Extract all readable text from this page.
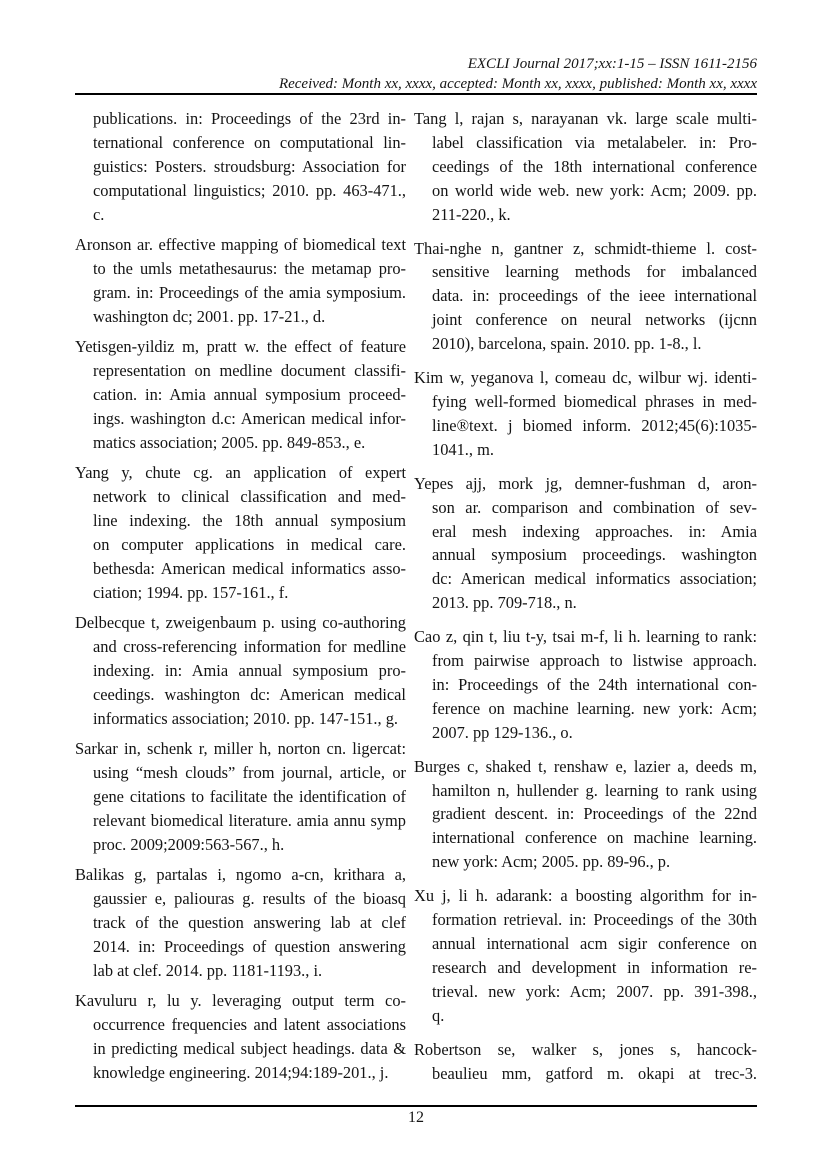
EXCLI Journal 2017;xx:1-15 – ISSN 1611-2156
Received: Month xx, xxxx, accepted: Month xx, xxxx, published: Month xx, xxxx

publications. in: Proceedings of the 23rd in-
ternational conference on computational lin-
guistics: Posters. stroudsburg: Association for
computational linguistics; 2010. pp. 463-471.,
c.

Aronson ar. effective mapping of biomedical text
to the umls metathesaurus: the metamap pro-
gram. in: Proceedings of the amia symposium.
washington dc; 2001. pp. 17-21., d.

Yetisgen-yildiz m, pratt w. the effect of feature
representation on medline document classifi-
cation. in: Amia annual symposium proceed-
ings. washington d.c: American medical infor-
matics association; 2005. pp. 849-853., e.

Yang y, chute cg. an application of expert
network to clinical classification and med-
line indexing. the 18th annual symposium
on computer applications in medical care.
bethesda: American medical informatics asso-
ciation; 1994. pp. 157-161., f.

Delbecque t, zweigenbaum p. using co-authoring
and cross-referencing information for medline
indexing. in: Amia annual symposium pro-
ceedings. washington dc: American medical
informatics association; 2010. pp. 147-151., g.

Sarkar in, schenk r, miller h, norton cn. ligercat:
using “mesh clouds” from journal, article, or
gene citations to facilitate the identification of
relevant biomedical literature. amia annu symp
proc. 2009;2009:563-567., h.

Balikas g, partalas i, ngomo a-cn, krithara a,
gaussier e, paliouras g. results of the bioasq
track of the question answering lab at clef
2014. in: Proceedings of question answering
lab at clef. 2014. pp. 1181-1193., i.

Kavuluru r, lu y. leveraging output term co-
occurrence frequencies and latent associations
in predicting medical subject headings. data &
knowledge engineering. 2014;94:189-201., j.

Tang l, rajan s, narayanan vk. large scale multi-
label classification via metalabeler. in: Pro-
ceedings of the 18th international conference
on world wide web. new york: Acm; 2009. pp.
211-220., k.

Thai-nghe n, gantner z, schmidt-thieme l. cost-
sensitive learning methods for imbalanced
data. in: proceedings of the ieee international
joint conference on neural networks (ijcnn
2010), barcelona, spain. 2010. pp. 1-8., l.

Kim w, yeganova l, comeau dc, wilbur wj. identi-
fying well-formed biomedical phrases in med-
line®text. j biomed inform. 2012;45(6):1035-
1041., m.

Yepes ajj, mork jg, demner-fushman d, aron-
son ar. comparison and combination of sev-
eral mesh indexing approaches. in: Amia
annual symposium proceedings. washington
dc: American medical informatics association;
2013. pp. 709-718., n.

Cao z, qin t, liu t-y, tsai m-f, li h. learning to rank:
from pairwise approach to listwise approach.
in: Proceedings of the 24th international con-
ference on machine learning. new york: Acm;
2007. pp 129-136., o.

Burges c, shaked t, renshaw e, lazier a, deeds m,
hamilton n, hullender g. learning to rank using
gradient descent. in: Proceedings of the 22nd
international conference on machine learning.
new york: Acm; 2005. pp. 89-96., p.

Xu j, li h. adarank: a boosting algorithm for in-
formation retrieval. in: Proceedings of the 30th
annual international acm sigir conference on
research and development in information re-
trieval. new york: Acm; 2007. pp. 391-398.,
q.

Robertson se, walker s, jones s, hancock-
beaulieu mm, gatford m. okapi at trec-3.

12
